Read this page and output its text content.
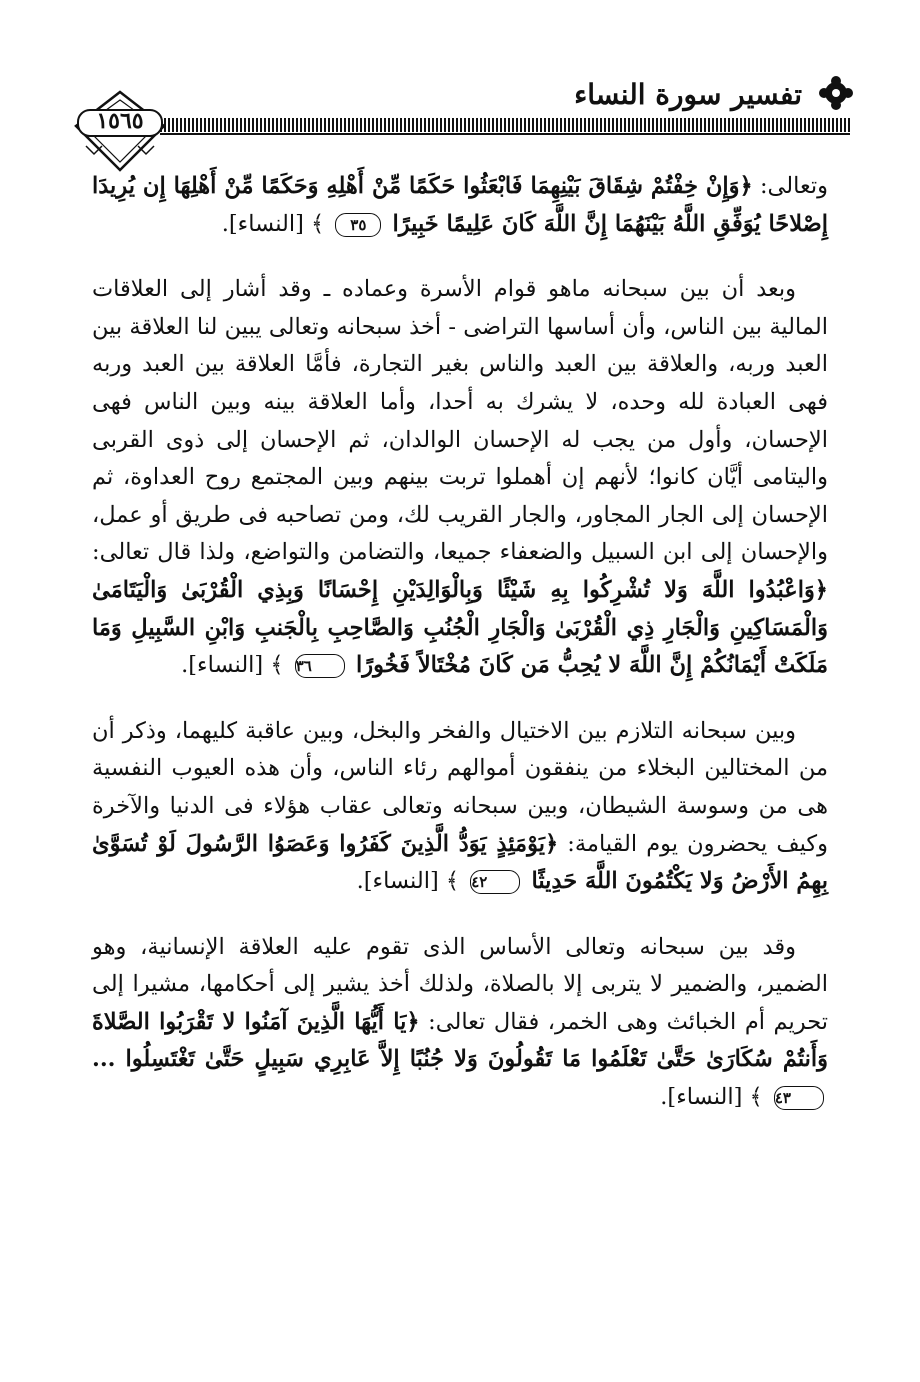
تفسير سورة النساء
١٥٦٥

وتعالى: ﴿وَإِنْ خِفْتُمْ شِقَاقَ بَيْنِهِمَا فَابْعَثُوا حَكَمًا مِّنْ أَهْلِهِ وَحَكَمًا مِّنْ أَهْلِهَا إِن يُرِيدَا إِصْلاحًا يُوَفِّقِ اللَّهُ بَيْنَهُمَا إِنَّ اللَّهَ كَانَ عَلِيمًا خَبِيرًا ٣٥ ﴾ [النساء].

وبعد أن بين سبحانه ماهو قوام الأسرة وعماده ـ وقد أشار إلى العلاقات المالية بين الناس، وأن أساسها التراضى - أخذ سبحانه وتعالى يبين لنا العلاقة بين العبد وربه، والعلاقة بين العبد والناس بغير التجارة، فأمَّا العلاقة بين العبد وربه فهى العبادة لله وحده، لا يشرك به أحدا، وأما العلاقة بينه وبين الناس فهى الإحسان، وأول من يجب له الإحسان الوالدان، ثم الإحسان إلى ذوى القربى واليتامى أيَّان كانوا؛ لأنهم إن أهملوا تربت بينهم وبين المجتمع روح العداوة، ثم الإحسان إلى الجار المجاور، والجار القريب لك، ومن تصاحبه فى طريق أو عمل، والإحسان إلى ابن السبيل والضعفاء جميعا، والتضامن والتواضع، ولذا قال تعالى: ﴿وَاعْبُدُوا اللَّهَ وَلا تُشْرِكُوا بِهِ شَيْئًا وَبِالْوَالِدَيْنِ إِحْسَانًا وَبِذِي الْقُرْبَىٰ وَالْيَتَامَىٰ وَالْمَسَاكِينِ وَالْجَارِ ذِي الْقُرْبَىٰ وَالْجَارِ الْجُنُبِ وَالصَّاحِبِ بِالْجَنبِ وَابْنِ السَّبِيلِ وَمَا مَلَكَتْ أَيْمَانُكُمْ إِنَّ اللَّهَ لا يُحِبُّ مَن كَانَ مُخْتَالاً فَخُورًا ٣٦ ﴾ [النساء].

وبين سبحانه التلازم بين الاختيال والفخر والبخل، وبين عاقبة كليهما، وذكر أن من المختالين البخلاء من ينفقون أموالهم رئاء الناس، وأن هذه العيوب النفسية هى من وسوسة الشيطان، وبين سبحانه وتعالى عقاب هؤلاء فى الدنيا والآخرة وكيف يحضرون يوم القيامة: ﴿يَوْمَئِذٍ يَوَدُّ الَّذِينَ كَفَرُوا وَعَصَوُا الرَّسُولَ لَوْ تُسَوَّىٰ بِهِمُ الأَرْضُ وَلا يَكْتُمُونَ اللَّهَ حَدِيثًا ٤٢ ﴾ [النساء].

وقد بين سبحانه وتعالى الأساس الذى تقوم عليه العلاقة الإنسانية، وهو الضمير، والضمير لا يتربى إلا بالصلاة، ولذلك أخذ يشير إلى أحكامها، مشيرا إلى تحريم أم الخبائث وهى الخمر، فقال تعالى: ﴿يَا أَيُّهَا الَّذِينَ آمَنُوا لا تَقْرَبُوا الصَّلاةَ وَأَنتُمْ سُكَارَىٰ حَتَّىٰ تَعْلَمُوا مَا تَقُولُونَ وَلا جُنُبًا إِلاَّ عَابِرِي سَبِيلٍ حَتَّىٰ تَغْتَسِلُوا ... ٤٣ ﴾ [النساء].
